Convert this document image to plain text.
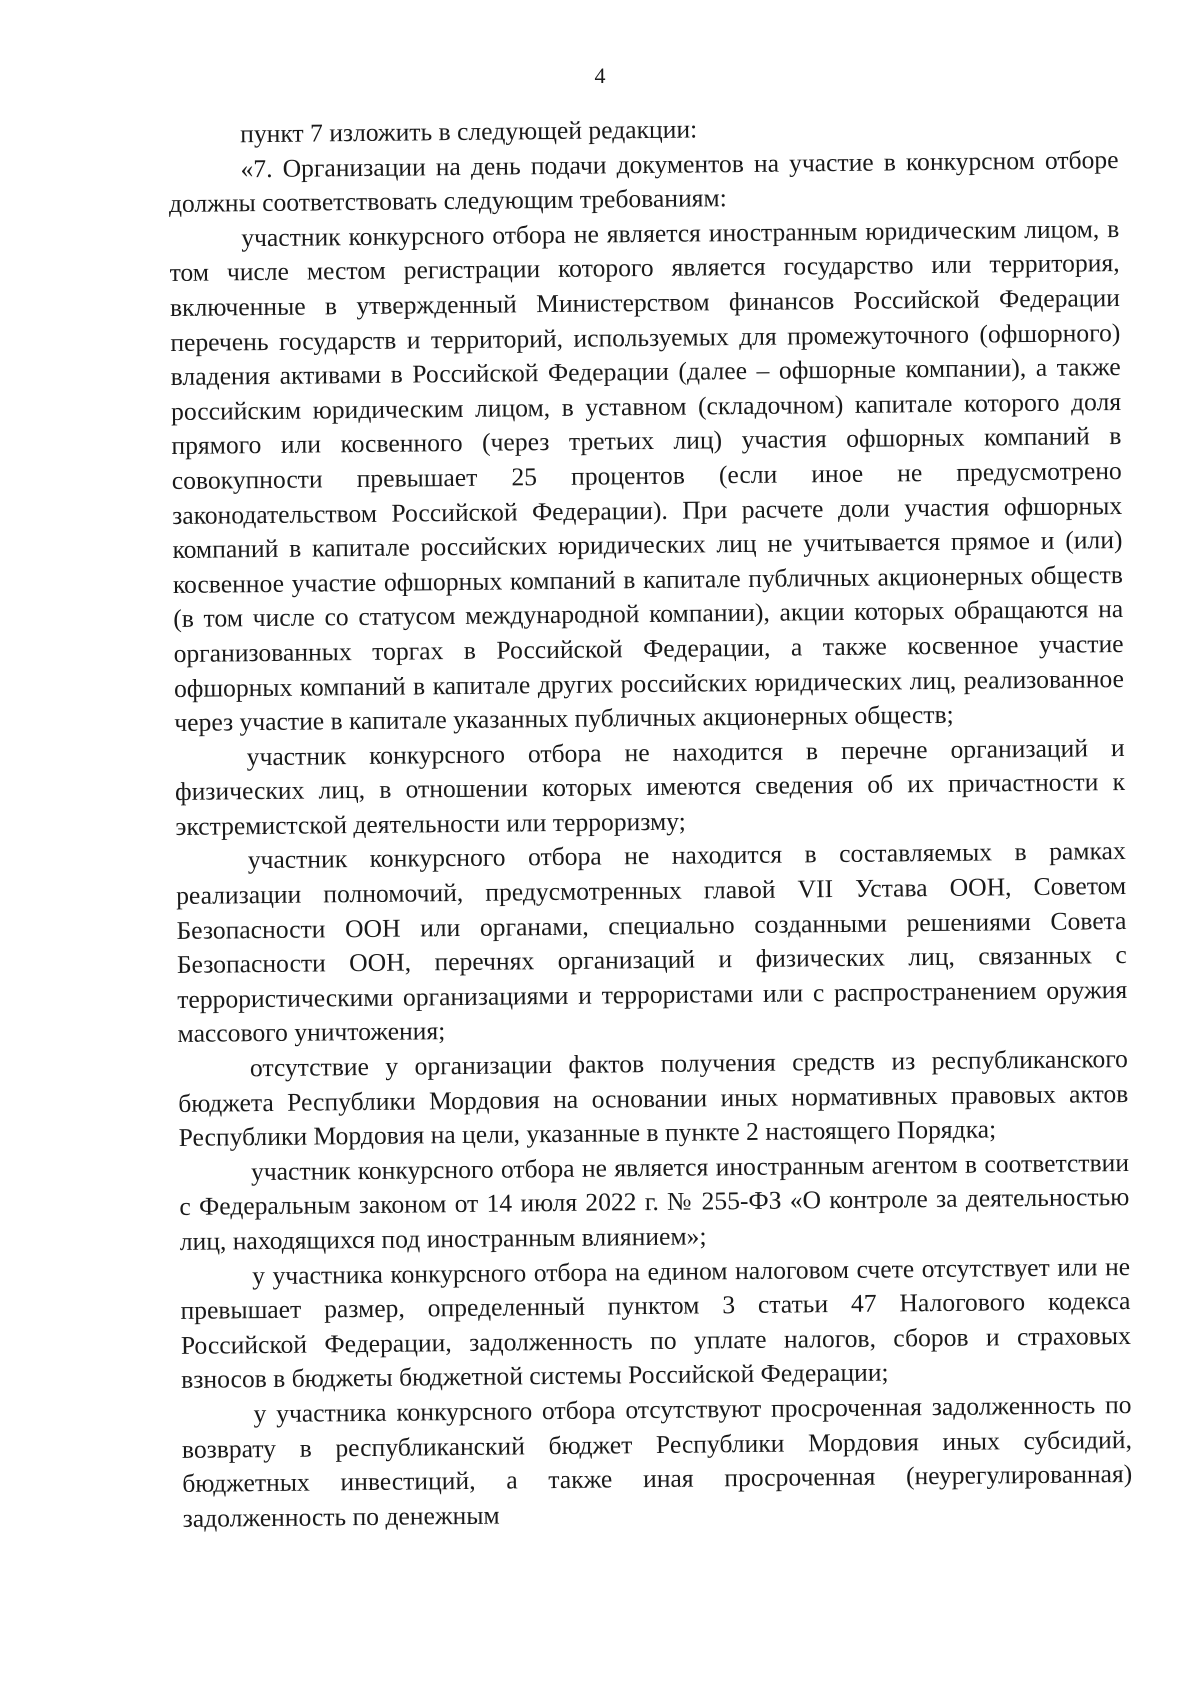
4

пункт 7 изложить в следующей редакции:

«7. Организации на день подачи документов на участие в конкурсном отборе должны соответствовать следующим требованиям:

участник конкурсного отбора не является иностранным юридическим лицом, в том числе местом регистрации которого является государство или территория, включенные в утвержденный Министерством финансов Российской Федерации перечень государств и территорий, используемых для промежуточного (офшорного) владения активами в Российской Федерации (далее – офшорные компании), а также российским юридическим лицом, в уставном (складочном) капитале которого доля прямого или косвенного (через третьих лиц) участия офшорных компаний в совокупности превышает 25 процентов (если иное не предусмотрено законодательством Российской Федерации). При расчете доли участия офшорных компаний в капитале российских юридических лиц не учитывается прямое и (или) косвенное участие офшорных компаний в капитале публичных акционерных обществ (в том числе со статусом международной компании), акции которых обращаются на организованных торгах в Российской Федерации, а также косвенное участие офшорных компаний в капитале других российских юридических лиц, реализованное через участие в капитале указанных публичных акционерных обществ;

участник конкурсного отбора не находится в перечне организаций и физических лиц, в отношении которых имеются сведения об их причастности к экстремистской деятельности или терроризму;

участник конкурсного отбора не находится в составляемых в рамках реализации полномочий, предусмотренных главой VII Устава ООН, Советом Безопасности ООН или органами, специально созданными решениями Совета Безопасности ООН, перечнях организаций и физических лиц, связанных с террористическими организациями и террористами или с распространением оружия массового уничтожения;

отсутствие у организации фактов получения средств из республиканского бюджета Республики Мордовия на основании иных нормативных правовых актов Республики Мордовия на цели, указанные в пункте 2 настоящего Порядка;

участник конкурсного отбора не является иностранным агентом в соответствии с Федеральным законом от 14 июля 2022 г. № 255-ФЗ «О контроле за деятельностью лиц, находящихся под иностранным влиянием»;

у участника конкурсного отбора на едином налоговом счете отсутствует или не превышает размер, определенный пунктом 3 статьи 47 Налогового кодекса Российской Федерации, задолженность по уплате налогов, сборов и страховых взносов в бюджеты бюджетной системы Российской Федерации;

у участника конкурсного отбора отсутствуют просроченная задолженность по возврату в республиканский бюджет Республики Мордовия иных субсидий, бюджетных инвестиций, а также иная просроченная (неурегулированная) задолженность по денежным
